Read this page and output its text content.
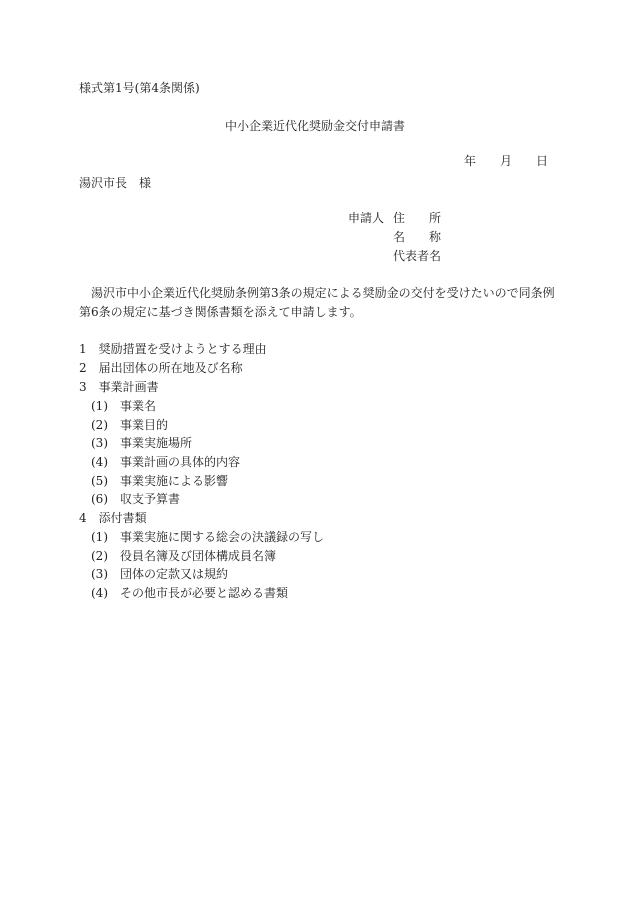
様式第1号(第4条関係)
中小企業近代化奨励金交付申請書
年 月 日
湯沢市長　様
申請人 住　　所
名　　称
代表者名
湯沢市中小企業近代化奨励条例第3条の規定による奨励金の交付を受けたいので同条例
第6条の規定に基づき関係書類を添えて申請します。
1　奨励措置を受けようとする理由
2　届出団体の所在地及び名称
3　事業計画書
(1)　事業名
(2)　事業目的
(3)　事業実施場所
(4)　事業計画の具体的内容
(5)　事業実施による影響
(6)　収支予算書
4　添付書類
(1)　事業実施に関する総会の決議録の写し
(2)　役員名簿及び団体構成員名簿
(3)　団体の定款又は規約
(4)　その他市長が必要と認める書類
